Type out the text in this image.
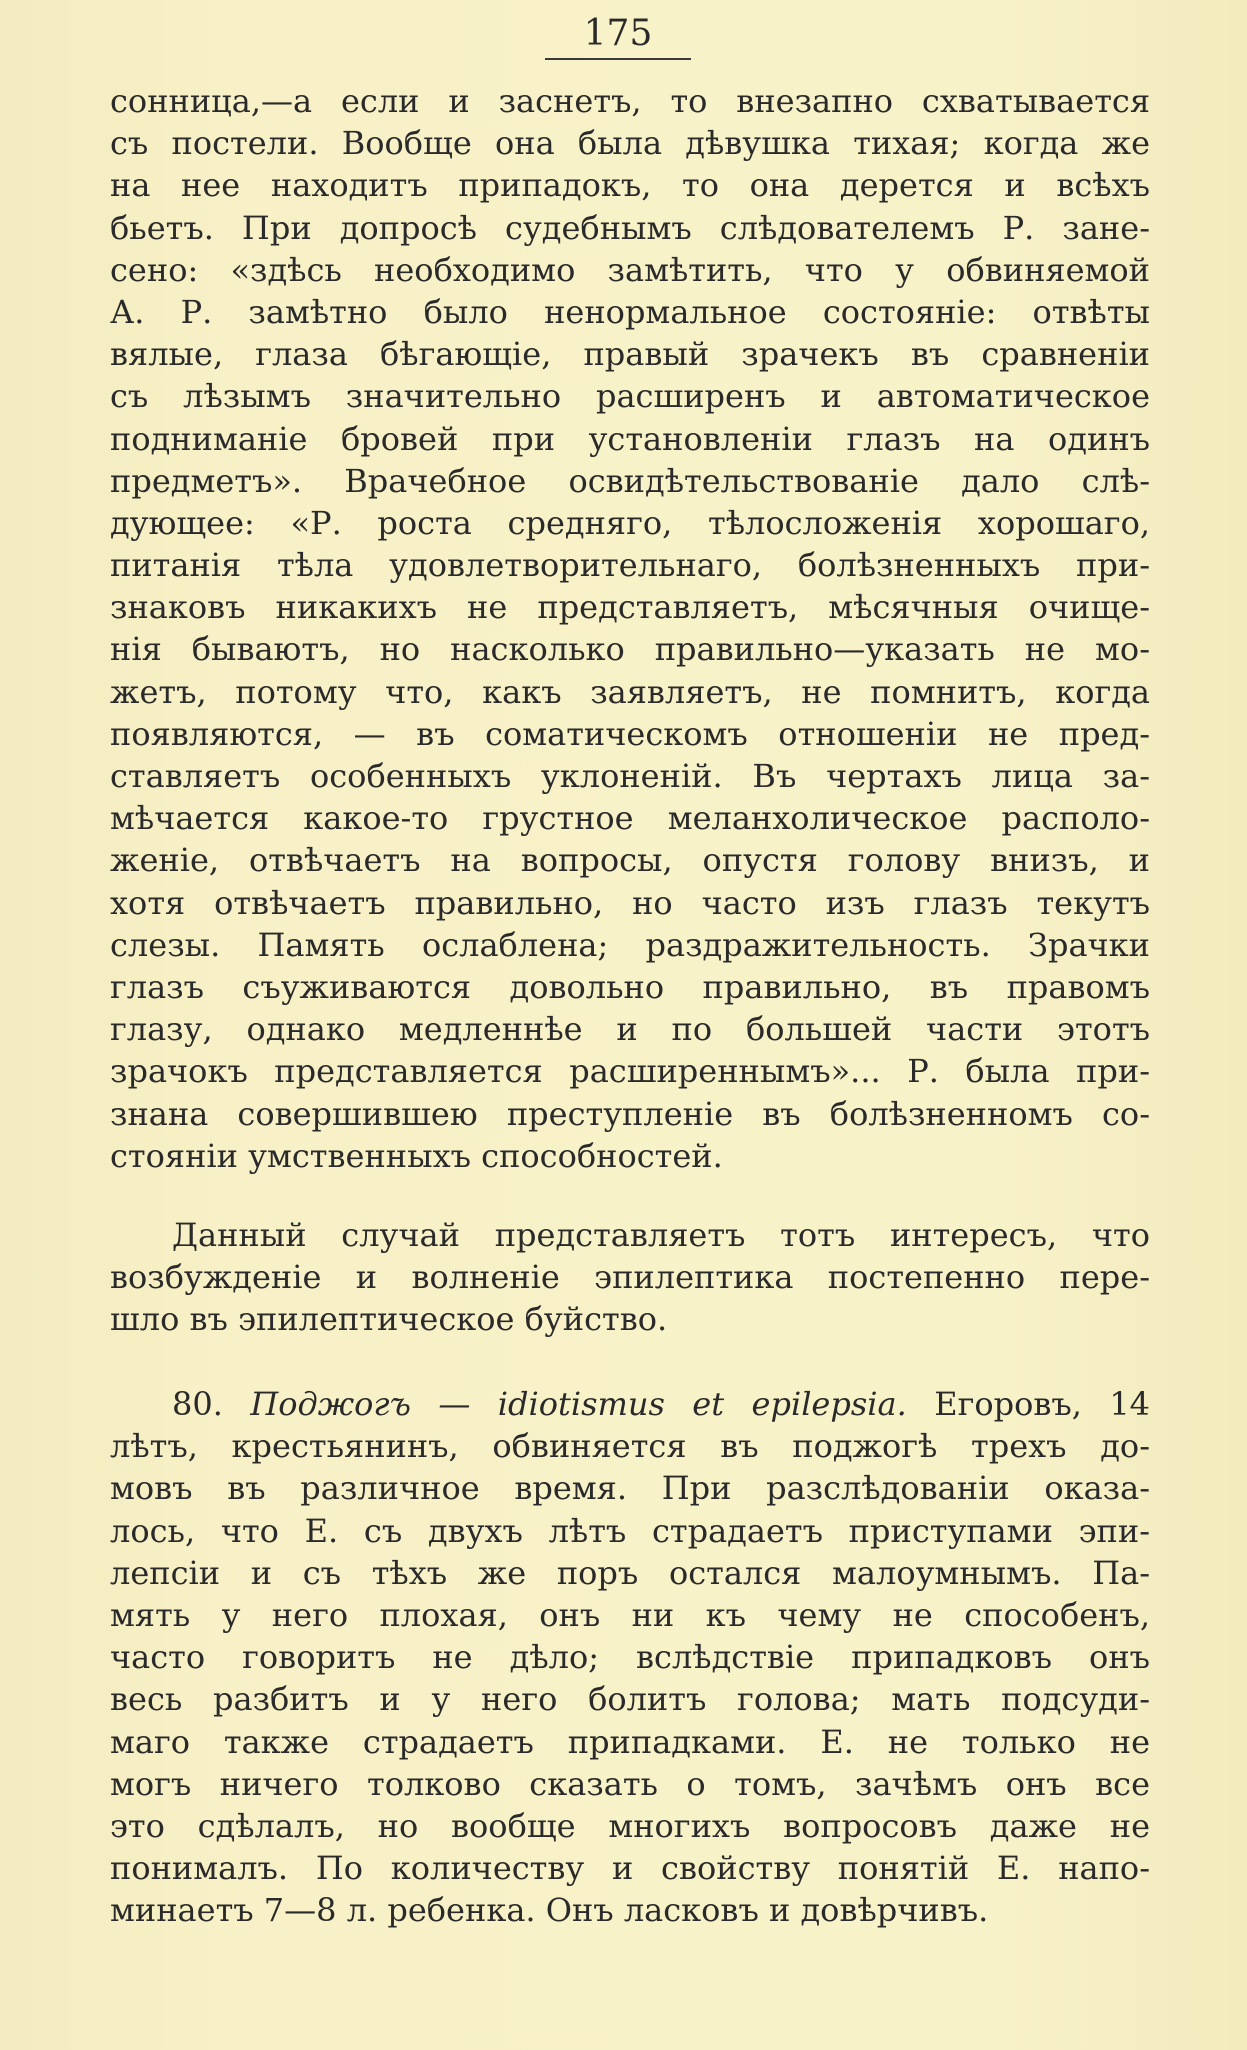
175
сонница,—а если и заснетъ, то внезапно схватывается
съ постели. Вообще она была дѣвушка тихая; когда же
на нее находитъ припадокъ, то она дерется и всѣхъ
бьетъ. При допросѣ судебнымъ слѣдователемъ Р. зане-
сено: «здѣсь необходимо замѣтить, что у обвиняемой
А. Р. замѣтно было ненормальное состоянiе: отвѣты
вялые, глаза бѣгающiе, правый зрачекъ въ сравненiи
съ лѣзымъ значительно расширенъ и автоматическое
подниманiе бровей при установленiи глазъ на одинъ
предметъ». Врачебное освидѣтельствованiе дало слѣ-
дующее: «Р. роста средняго, тѣлосложенiя хорошаго,
питанiя тѣла удовлетворительнаго, болѣзненныхъ при-
знаковъ никакихъ не представляетъ, мѣсячныя очище-
нiя бываютъ, но насколько правильно—указать не мо-
жетъ, потому что, какъ заявляетъ, не помнитъ, когда
появляются, — въ соматическомъ отношенiи не пред-
ставляетъ особенныхъ уклоненiй. Въ чертахъ лица за-
мѣчается какое-то грустное меланхолическое располо-
женiе, отвѣчаетъ на вопросы, опустя голову внизъ, и
хотя отвѣчаетъ правильно, но часто изъ глазъ текутъ
слезы. Память ослаблена; раздражительность. Зрачки
глазъ съуживаются довольно правильно, въ правомъ
глазу, однако медленнѣе и по большей части этотъ
зрачокъ представляется расширеннымъ»... Р. была при-
знана совершившею преступленiе въ болѣзненномъ со-
стоянiи умственныхъ способностей.
Данный случай представляетъ тотъ интересъ, что
возбужденiе и волненiе эпилептика постепенно пере-
шло въ эпилептическое буйство.
80. Поджогъ — idiotismus et epilepsia. Егоровъ, 14
лѣтъ, крестьянинъ, обвиняется въ поджогѣ трехъ до-
мовъ въ различное время. При разслѣдованiи оказа-
лось, что Е. съ двухъ лѣтъ страдаетъ приступами эпи-
лепсiи и съ тѣхъ же поръ остался малоумнымъ. Па-
мять у него плохая, онъ ни къ чему не способенъ,
часто говоритъ не дѣло; вслѣдствiе припадковъ онъ
весь разбитъ и у него болитъ голова; мать подсуди-
маго также страдаетъ припадками. Е. не только не
могъ ничего толково сказать о томъ, зачѣмъ онъ все
это сдѣлалъ, но вообще многихъ вопросовъ даже не
понималъ. По количеству и свойству понятiй Е. напо-
минаетъ 7—8 л. ребенка. Онъ ласковъ и довѣрчивъ.
